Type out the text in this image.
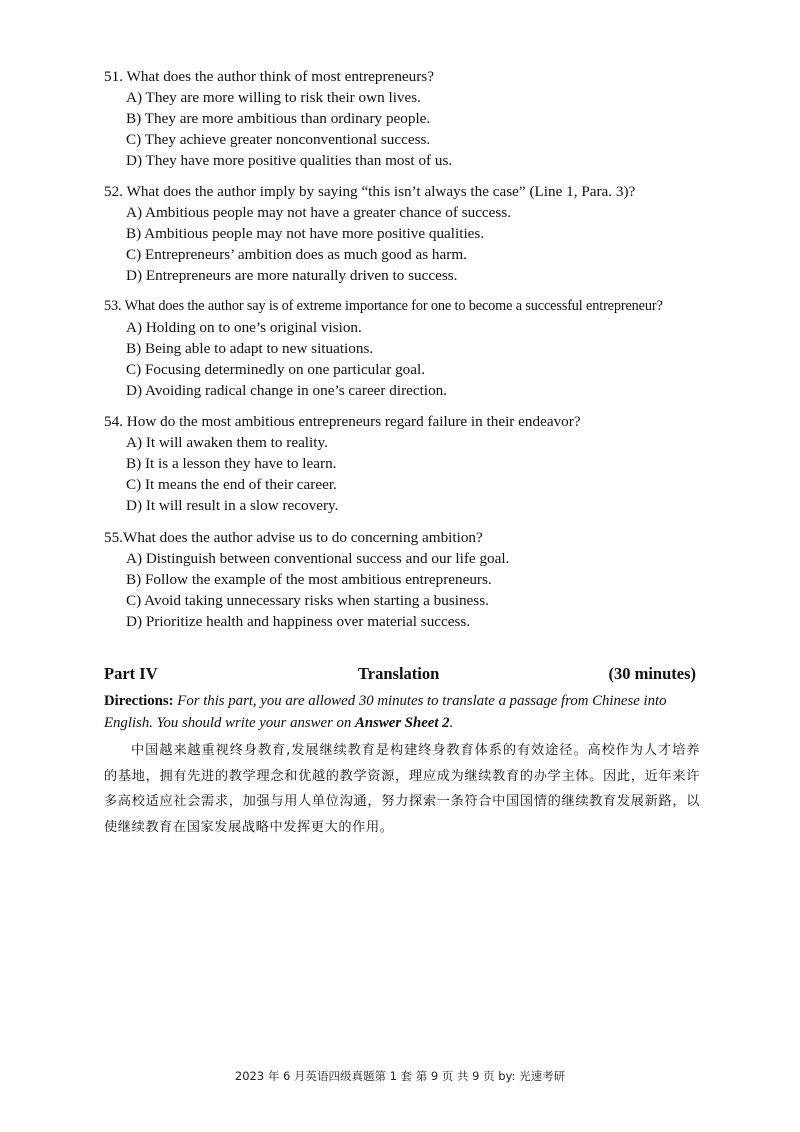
51. What does the author think of most entrepreneurs?
A) They are more willing to risk their own lives.
B) They are more ambitious than ordinary people.
C) They achieve greater nonconventional success.
D) They have more positive qualities than most of us.
52. What does the author imply by saying “this isn’t always the case” (Line 1, Para. 3)?
A) Ambitious people may not have a greater chance of success.
B) Ambitious people may not have more positive qualities.
C) Entrepreneurs’ ambition does as much good as harm.
D) Entrepreneurs are more naturally driven to success.
53. What does the author say is of extreme importance for one to become a successful entrepreneur?
A) Holding on to one’s original vision.
B) Being able to adapt to new situations.
C) Focusing determinedly on one particular goal.
D) Avoiding radical change in one’s career direction.
54. How do the most ambitious entrepreneurs regard failure in their endeavor?
A) It will awaken them to reality.
B) It is a lesson they have to learn.
C) It means the end of their career.
D) It will result in a slow recovery.
55.What does the author advise us to do concerning ambition?
A) Distinguish between conventional success and our life goal.
B) Follow the example of the most ambitious entrepreneurs.
C) Avoid taking unnecessary risks when starting a business.
D) Prioritize health and happiness over material success.
Part IV	Translation	(30 minutes)
Directions: For this part, you are allowed 30 minutes to translate a passage from Chinese into English. You should write your answer on Answer Sheet 2.
中国越来越重视终身教育,发展继续教育是构建终身教育体系的有效途径。高校作为人才培养的基地，拥有先进的教学理念和优越的教学资源，理应成为继续教育的办学主体。因此，近年来许多高校适应社会需求，加强与用人单位沟通，努力探索一条符合中国国情的继续教育发展新路，以使继续教育在国家发展战略中发挥更大的作用。
2023 年 6 月英语四级真题第 1 套 第 9 页 共 9 页 by: 光速考研
